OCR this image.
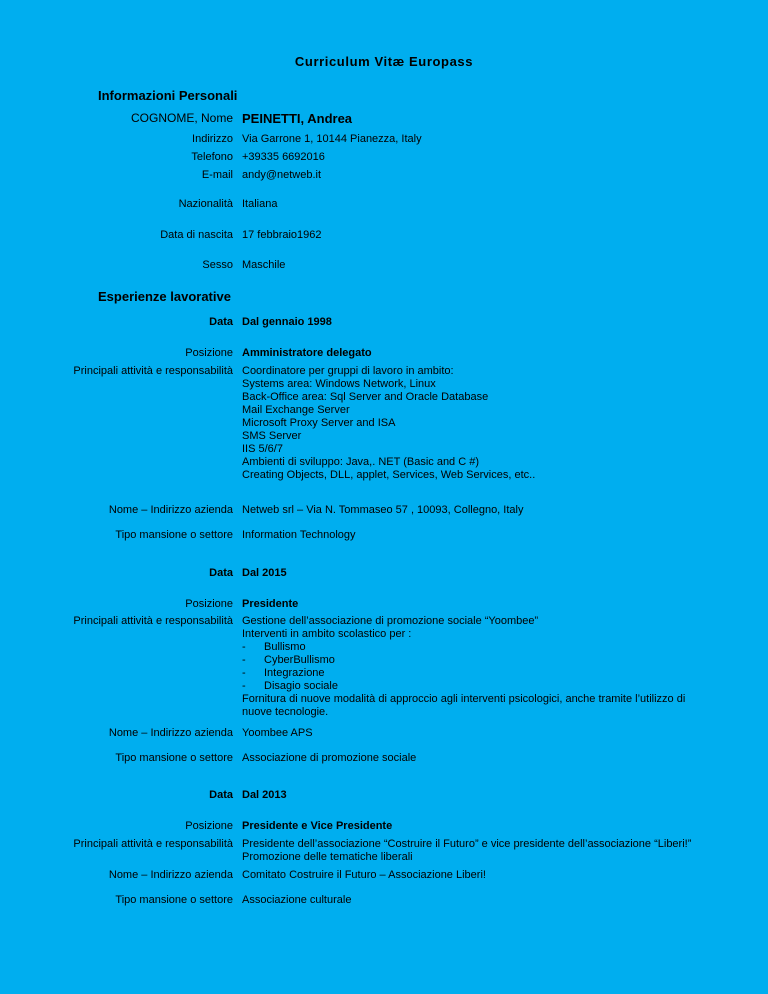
Curriculum Vitæ Europass
Informazioni Personali
COGNOME, Nome PEINETTI, Andrea
Indirizzo Via Garrone 1, 10144 Pianezza, Italy
Telefono +39335 6692016
E-mail andy@netweb.it
Nazionalità Italiana
Data di nascita 17 febbraio1962
Sesso Maschile
Esperienze lavorative
Data Dal gennaio 1998
Posizione Amministratore delegato
Principali attività e responsabilità Coordinatore per gruppi di lavoro in ambito:
Systems area: Windows Network, Linux
Back-Office area: Sql Server and Oracle Database
Mail Exchange Server
Microsoft Proxy Server and ISA
SMS Server
IIS 5/6/7
Ambienti di sviluppo: Java,. NET (Basic and C #)
Creating Objects, DLL, applet, Services, Web Services, etc..
Nome – Indirizzo azienda Netweb srl – Via N. Tommaseo 57 , 10093, Collegno, Italy
Tipo mansione o settore Information Technology
Data Dal 2015
Posizione Presidente
Principali attività e responsabilità Gestione dell’associazione di promozione sociale “Yoombee”
Interventi in ambito scolastico per :
- Bullismo
- CyberBullismo
- Integrazione
- Disagio sociale
Fornitura di nuove modalità di approccio agli interventi psicologici, anche tramite l’utilizzo di nuove tecnologie.
Nome – Indirizzo azienda Yoombee APS
Tipo mansione o settore Associazione di promozione sociale
Data Dal 2013
Posizione Presidente e Vice Presidente
Principali attività e responsabilità Presidente dell’associazione “Costruire il Futuro” e vice presidente dell’associazione “Liberi!”
Promozione delle tematiche liberali
Nome – Indirizzo azienda Comitato Costruire il Futuro – Associazione Liberi!
Tipo mansione o settore Associazione culturale
